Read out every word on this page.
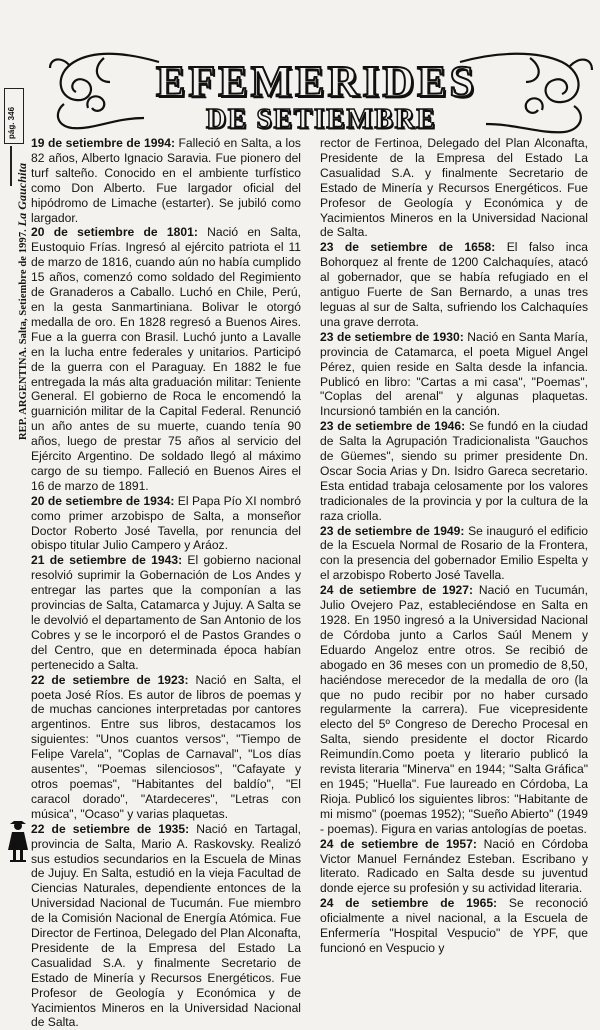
pág. 346
REP. ARGENTINA. Salta, Setiembre de 1997. La Gauchita
EFEMERIDES
DE SETIEMBRE

19 de setiembre de 1994: Falleció en Salta, a los 82 años, Alberto Ignacio Saravia. Fue pionero del turf salteño. Conocido en el ambiente turfístico como Don Alberto. Fue largador oficial del hipódromo de Limache (estarter). Se jubiló como largador.

20 de setiembre de 1801: Nació en Salta, Eustoquio Frías. Ingresó al ejército patriota el 11 de marzo de 1816, cuando aún no había cumplido 15 años, comenzó como soldado del Regimiento de Granaderos a Caballo. Luchó en Chile, Perú, en la gesta Sanmartiniana. Bolivar le otorgó medalla de oro. En 1828 regresó a Buenos Aires. Fue a la guerra con Brasil. Luchó junto a Lavalle en la lucha entre federales y unitarios. Participó de la guerra con el Paraguay. En 1882 le fue entregada la más alta graduación militar: Teniente General. El gobierno de Roca le encomendó la guarnición militar de la Capital Federal. Renunció un año antes de su muerte, cuando tenía 90 años, luego de prestar 75 años al servicio del Ejército Argentino. De soldado llegó al máximo cargo de su tiempo. Falleció en Buenos Aires el 16 de marzo de 1891.

20 de setiembre de 1934: El Papa Pío XI nombró como primer arzobispo de Salta, a monseñor Doctor Roberto José Tavella, por renuncia del obispo titular Julio Campero y Aráoz.

21 de setiembre de 1943: El gobierno nacional resolvió suprimir la Gobernación de Los Andes y entregar las partes que la componían a las provincias de Salta, Catamarca y Jujuy. A Salta se le devolvió el departamento de San Antonio de los Cobres y se le incorporó el de Pastos Grandes o del Centro, que en determinada época habían pertenecido a Salta.

22 de setiembre de 1923: Nació en Salta, el poeta José Ríos. Es autor de libros de poemas y de muchas canciones interpretadas por cantores argentinos. Entre sus libros, destacamos los siguientes: "Unos cuantos versos", "Tiempo de Felipe Varela", "Coplas de Carnaval", "Los días ausentes", "Poemas silenciosos", "Cafayate y otros poemas", "Habitantes del baldío", "El caracol dorado", "Atardeceres", "Letras con música", "Ocaso" y varias plaquetas.

22 de setiembre de 1935: Nació en Tartagal, provincia de Salta, Mario A. Raskovsky. Realizó sus estudios secundarios en la Escuela de Minas de Jujuy. En Salta, estudió en la vieja Facultad de Ciencias Naturales, dependiente entonces de la Universidad Nacional de Tucumán. Fue miembro de la Comisión Nacional de Energía Atómica. Fue Director de Fertinoa, Delegado del Plan Alconafta, Presidente de la Empresa del Estado La Casualidad S.A. y finalmente Secretario de Estado de Minería y Recursos Energéticos. Fue Profesor de Geología y Económica y de Yacimientos Mineros en la Universidad Nacional de Salta.

rector de Fertinoa, Delegado del Plan Alconafta, Presidente de la Empresa del Estado La Casualidad S.A. y finalmente Secretario de Estado de Minería y Recursos Energéticos. Fue Profesor de Geología y Económica y de Yacimientos Mineros en la Universidad Nacional de Salta.

23 de setiembre de 1658: El falso inca Bohorquez al frente de 1200 Calchaquíes, atacó al gobernador, que se había refugiado en el antiguo Fuerte de San Bernardo, a unas tres leguas al sur de Salta, sufriendo los Calchaquíes una grave derrota.

23 de setiembre de 1930: Nació en Santa María, provincia de Catamarca, el poeta Miguel Angel Pérez, quien reside en Salta desde la infancia. Publicó en libro: "Cartas a mi casa", "Poemas", "Coplas del arenal" y algunas plaquetas. Incursionó también en la canción.

23 de setiembre de 1946: Se fundó en la ciudad de Salta la Agrupación Tradicionalista "Gauchos de Güemes", siendo su primer presidente Dn. Oscar Socia Arias y Dn. Isidro Gareca secretario. Esta entidad trabaja celosamente por los valores tradicionales de la provincia y por la cultura de la raza criolla.

23 de setiembre de 1949: Se inauguró el edificio de la Escuela Normal de Rosario de la Frontera, con la presencia del gobernador Emilio Espelta y el arzobispo Roberto José Tavella.

24 de setiembre de 1927: Nació en Tucumán, Julio Ovejero Paz, estableciéndose en Salta en 1928. En 1950 ingresó a la Universidad Nacional de Córdoba junto a Carlos Saúl Menem y Eduardo Angeloz entre otros. Se recibió de abogado en 36 meses con un promedio de 8,50, haciéndose merecedor de la medalla de oro (la que no pudo recibir por no haber cursado regularmente la carrera). Fue vicepresidente electo del 5º Congreso de Derecho Procesal en Salta, siendo presidente el doctor Ricardo Reimundín.Como poeta y literario publicó la revista literaria "Minerva" en 1944; "Salta Gráfica" en 1945; "Huella". Fue laureado en Córdoba, La Rioja. Publicó los siguientes libros: "Habitante de mi mismo" (poemas 1952); "Sueño Abierto" (1949 - poemas). Figura en varias antologías de poetas.

24 de setiembre de 1957: Nació en Córdoba Victor Manuel Fernández Esteban. Escribano y literato. Radicado en Salta desde su juventud donde ejerce su profesión y su actividad literaria.

24 de setiembre de 1965: Se reconoció oficialmente a nivel nacional, a la Escuela de Enfermería "Hospital Vespucio" de YPF, que funcionó en Vespucio y
